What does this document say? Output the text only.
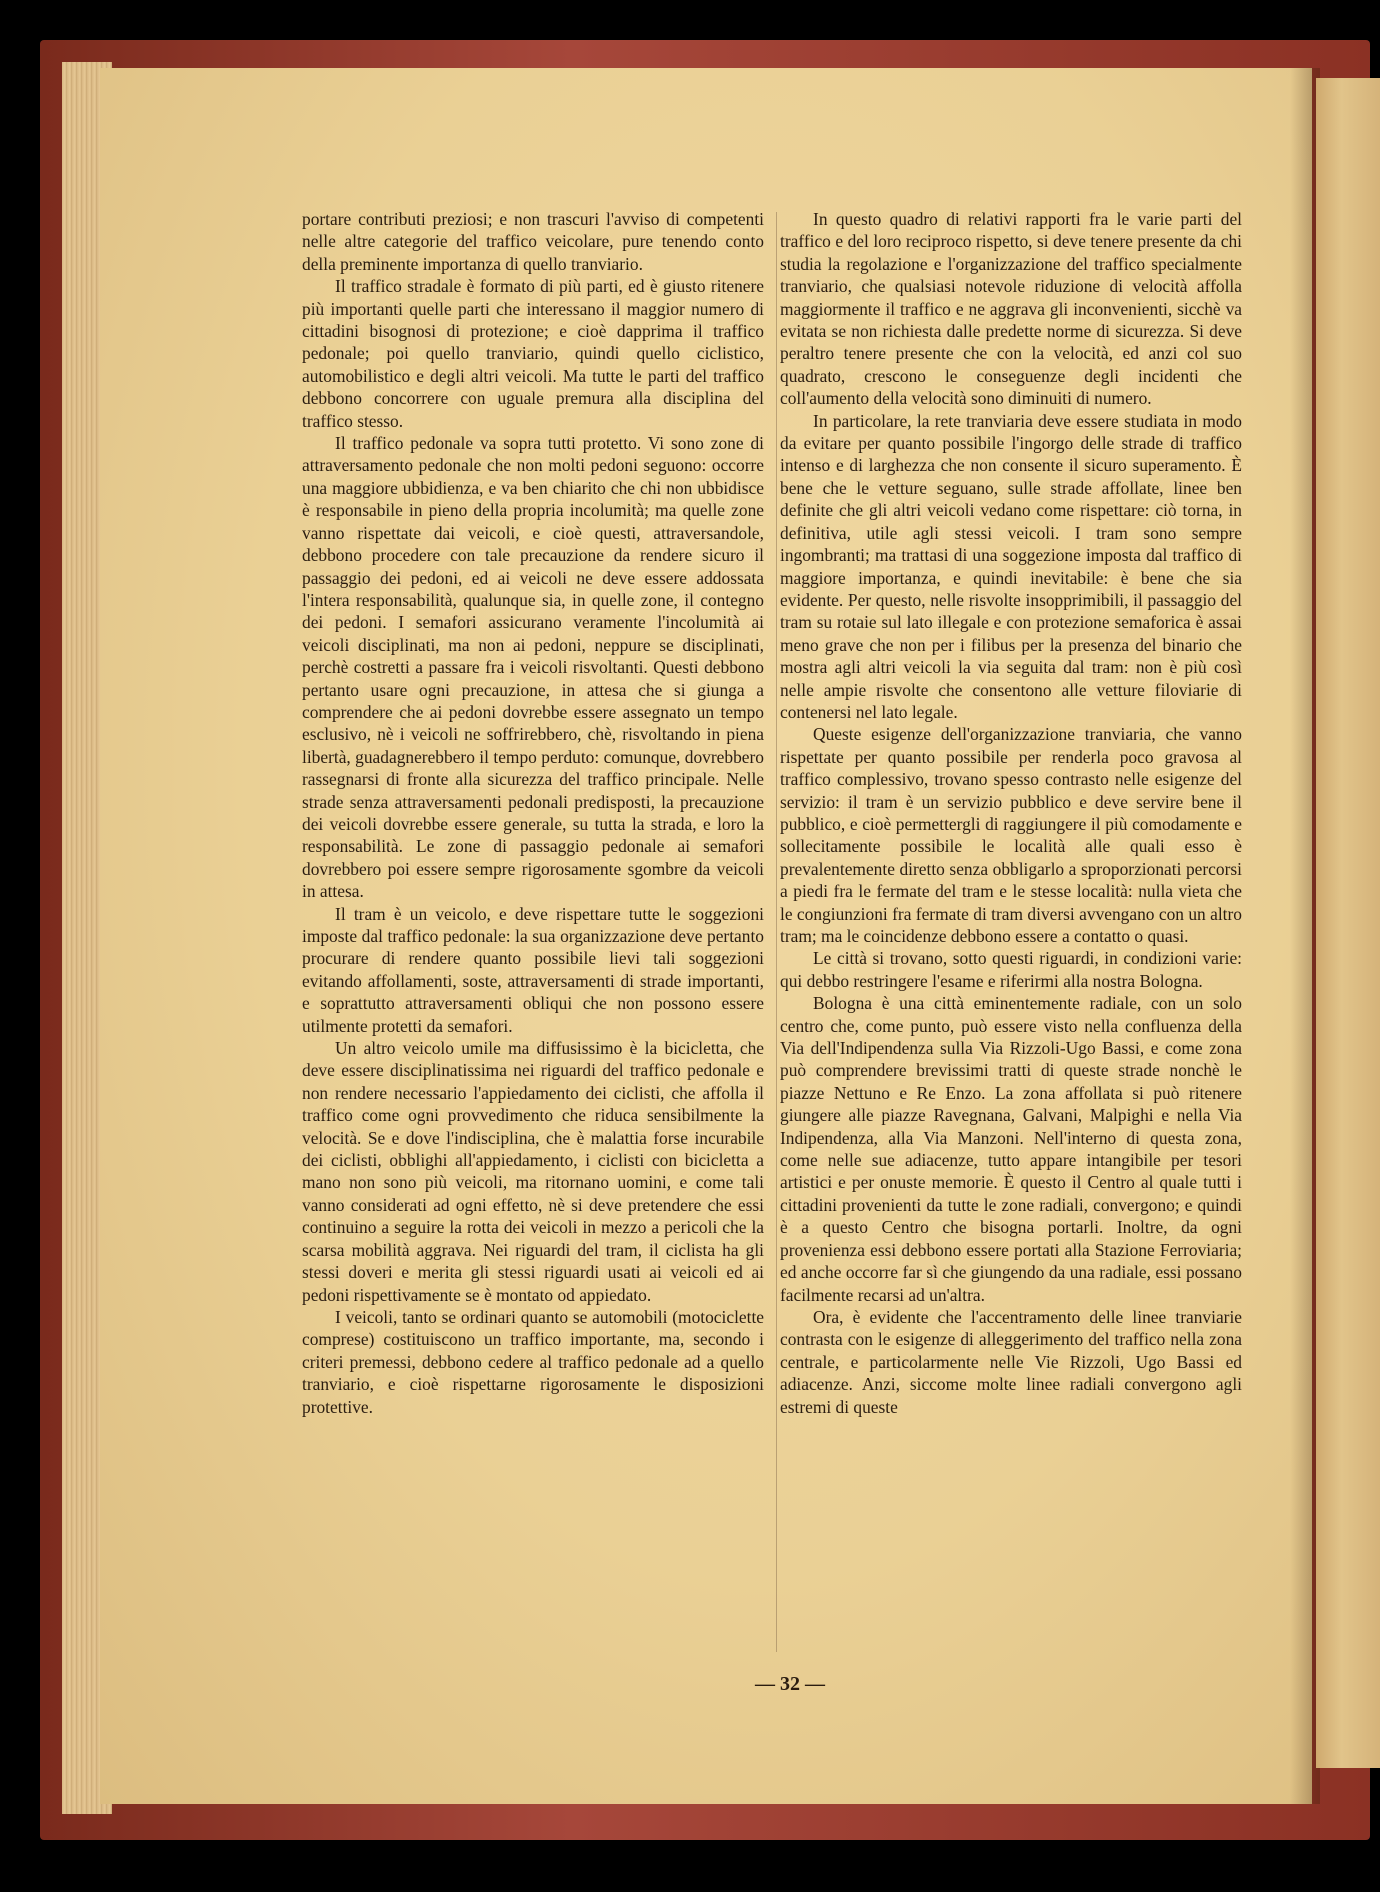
portare contributi preziosi; e non trascuri l'avviso di competenti nelle altre categorie del traffico veicolare, pure tenendo conto della preminente importanza di quello tranviario.

Il traffico stradale è formato di più parti, ed è giusto ritenere più importanti quelle parti che interessano il maggior numero di cittadini bisognosi di protezione; e cioè dapprima il traffico pedonale; poi quello tranviario, quindi quello ciclistico, automobilistico e degli altri veicoli. Ma tutte le parti del traffico debbono concorrere con uguale premura alla disciplina del traffico stesso.

Il traffico pedonale va sopra tutti protetto. Vi sono zone di attraversamento pedonale che non molti pedoni seguono: occorre una maggiore ubbidienza, e va ben chiarito che chi non ubbidisce è responsabile in pieno della propria incolumità; ma quelle zone vanno rispettate dai veicoli, e cioè questi, attraversandole, debbono procedere con tale precauzione da rendere sicuro il passaggio dei pedoni, ed ai veicoli ne deve essere addossata l'intera responsabilità, qualunque sia, in quelle zone, il contegno dei pedoni. I semafori assicurano veramente l'incolumità ai veicoli disciplinati, ma non ai pedoni, neppure se disciplinati, perchè costretti a passare fra i veicoli risvoltanti. Questi debbono pertanto usare ogni precauzione, in attesa che si giunga a comprendere che ai pedoni dovrebbe essere assegnato un tempo esclusivo, nè i veicoli ne soffrirebbero, chè, risvoltando in piena libertà, guadagnerebbero il tempo perduto: comunque, dovrebbero rassegnarsi di fronte alla sicurezza del traffico principale. Nelle strade senza attraversamenti pedonali predisposti, la precauzione dei veicoli dovrebbe essere generale, su tutta la strada, e loro la responsabilità. Le zone di passaggio pedonale ai semafori dovrebbero poi essere sempre rigorosamente sgombre da veicoli in attesa.

Il tram è un veicolo, e deve rispettare tutte le soggezioni imposte dal traffico pedonale: la sua organizzazione deve pertanto procurare di rendere quanto possibile lievi tali soggezioni evitando affollamenti, soste, attraversamenti di strade importanti, e soprattutto attraversamenti obliqui che non possono essere utilmente protetti da semafori.

Un altro veicolo umile ma diffusissimo è la bicicletta, che deve essere disciplinatissima nei riguardi del traffico pedonale e non rendere necessario l'appiedamento dei ciclisti, che affolla il traffico come ogni provvedimento che riduca sensibilmente la velocità. Se e dove l'indisciplina, che è malattia forse incurabile dei ciclisti, obblighi all'appiedamento, i ciclisti con bicicletta a mano non sono più veicoli, ma ritornano uomini, e come tali vanno considerati ad ogni effetto, nè si deve pretendere che essi continuino a seguire la rotta dei veicoli in mezzo a pericoli che la scarsa mobilità aggrava. Nei riguardi del tram, il ciclista ha gli stessi doveri e merita gli stessi riguardi usati ai veicoli ed ai pedoni rispettivamente se è montato od appiedato.

I veicoli, tanto se ordinari quanto se automobili (motociclette comprese) costituiscono un traffico importante, ma, secondo i criteri premessi, debbono cedere al traffico pedonale ad a quello tranviario, e cioè rispettarne rigorosamente le disposizioni protettive.

In questo quadro di relativi rapporti fra le varie parti del traffico e del loro reciproco rispetto, si deve tenere presente da chi studia la regolazione e l'organizzazione del traffico specialmente tranviario, che qualsiasi notevole riduzione di velocità affolla maggiormente il traffico e ne aggrava gli inconvenienti, sicchè va evitata se non richiesta dalle predette norme di sicurezza. Si deve peraltro tenere presente che con la velocità, ed anzi col suo quadrato, crescono le conseguenze degli incidenti che coll'aumento della velocità sono diminuiti di numero.

In particolare, la rete tranviaria deve essere studiata in modo da evitare per quanto possibile l'ingorgo delle strade di traffico intenso e di larghezza che non consente il sicuro superamento. È bene che le vetture seguano, sulle strade affollate, linee ben definite che gli altri veicoli vedano come rispettare: ciò torna, in definitiva, utile agli stessi veicoli. I tram sono sempre ingombranti; ma trattasi di una soggezione imposta dal traffico di maggiore importanza, e quindi inevitabile: è bene che sia evidente. Per questo, nelle risvolte insopprimibili, il passaggio del tram su rotaie sul lato illegale e con protezione semaforica è assai meno grave che non per i filibus per la presenza del binario che mostra agli altri veicoli la via seguita dal tram: non è più così nelle ampie risvolte che consentono alle vetture filoviarie di contenersi nel lato legale.

Queste esigenze dell'organizzazione tranviaria, che vanno rispettate per quanto possibile per renderla poco gravosa al traffico complessivo, trovano spesso contrasto nelle esigenze del servizio: il tram è un servizio pubblico e deve servire bene il pubblico, e cioè permettergli di raggiungere il più comodamente e sollecitamente possibile le località alle quali esso è prevalentemente diretto senza obbligarlo a sproporzionati percorsi a piedi fra le fermate del tram e le stesse località: nulla vieta che le congiunzioni fra fermate di tram diversi avvengano con un altro tram; ma le coincidenze debbono essere a contatto o quasi.

Le città si trovano, sotto questi riguardi, in condizioni varie: qui debbo restringere l'esame e riferirmi alla nostra Bologna.

Bologna è una città eminentemente radiale, con un solo centro che, come punto, può essere visto nella confluenza della Via dell'Indipendenza sulla Via Rizzoli-Ugo Bassi, e come zona può comprendere brevissimi tratti di queste strade nonchè le piazze Nettuno e Re Enzo. La zona affollata si può ritenere giungere alle piazze Ravegnana, Galvani, Malpighi e nella Via Indipendenza, alla Via Manzoni. Nell'interno di questa zona, come nelle sue adiacenze, tutto appare intangibile per tesori artistici e per onuste memorie. È questo il Centro al quale tutti i cittadini provenienti da tutte le zone radiali, convergono; e quindi è a questo Centro che bisogna portarli. Inoltre, da ogni provenienza essi debbono essere portati alla Stazione Ferroviaria; ed anche occorre far sì che giungendo da una radiale, essi possano facilmente recarsi ad un'altra.

Ora, è evidente che l'accentramento delle linee tranviarie contrasta con le esigenze di alleggerimento del traffico nella zona centrale, e particolarmente nelle Vie Rizzoli, Ugo Bassi ed adiacenze. Anzi, siccome molte linee radiali convergono agli estremi di queste

— 32 —
